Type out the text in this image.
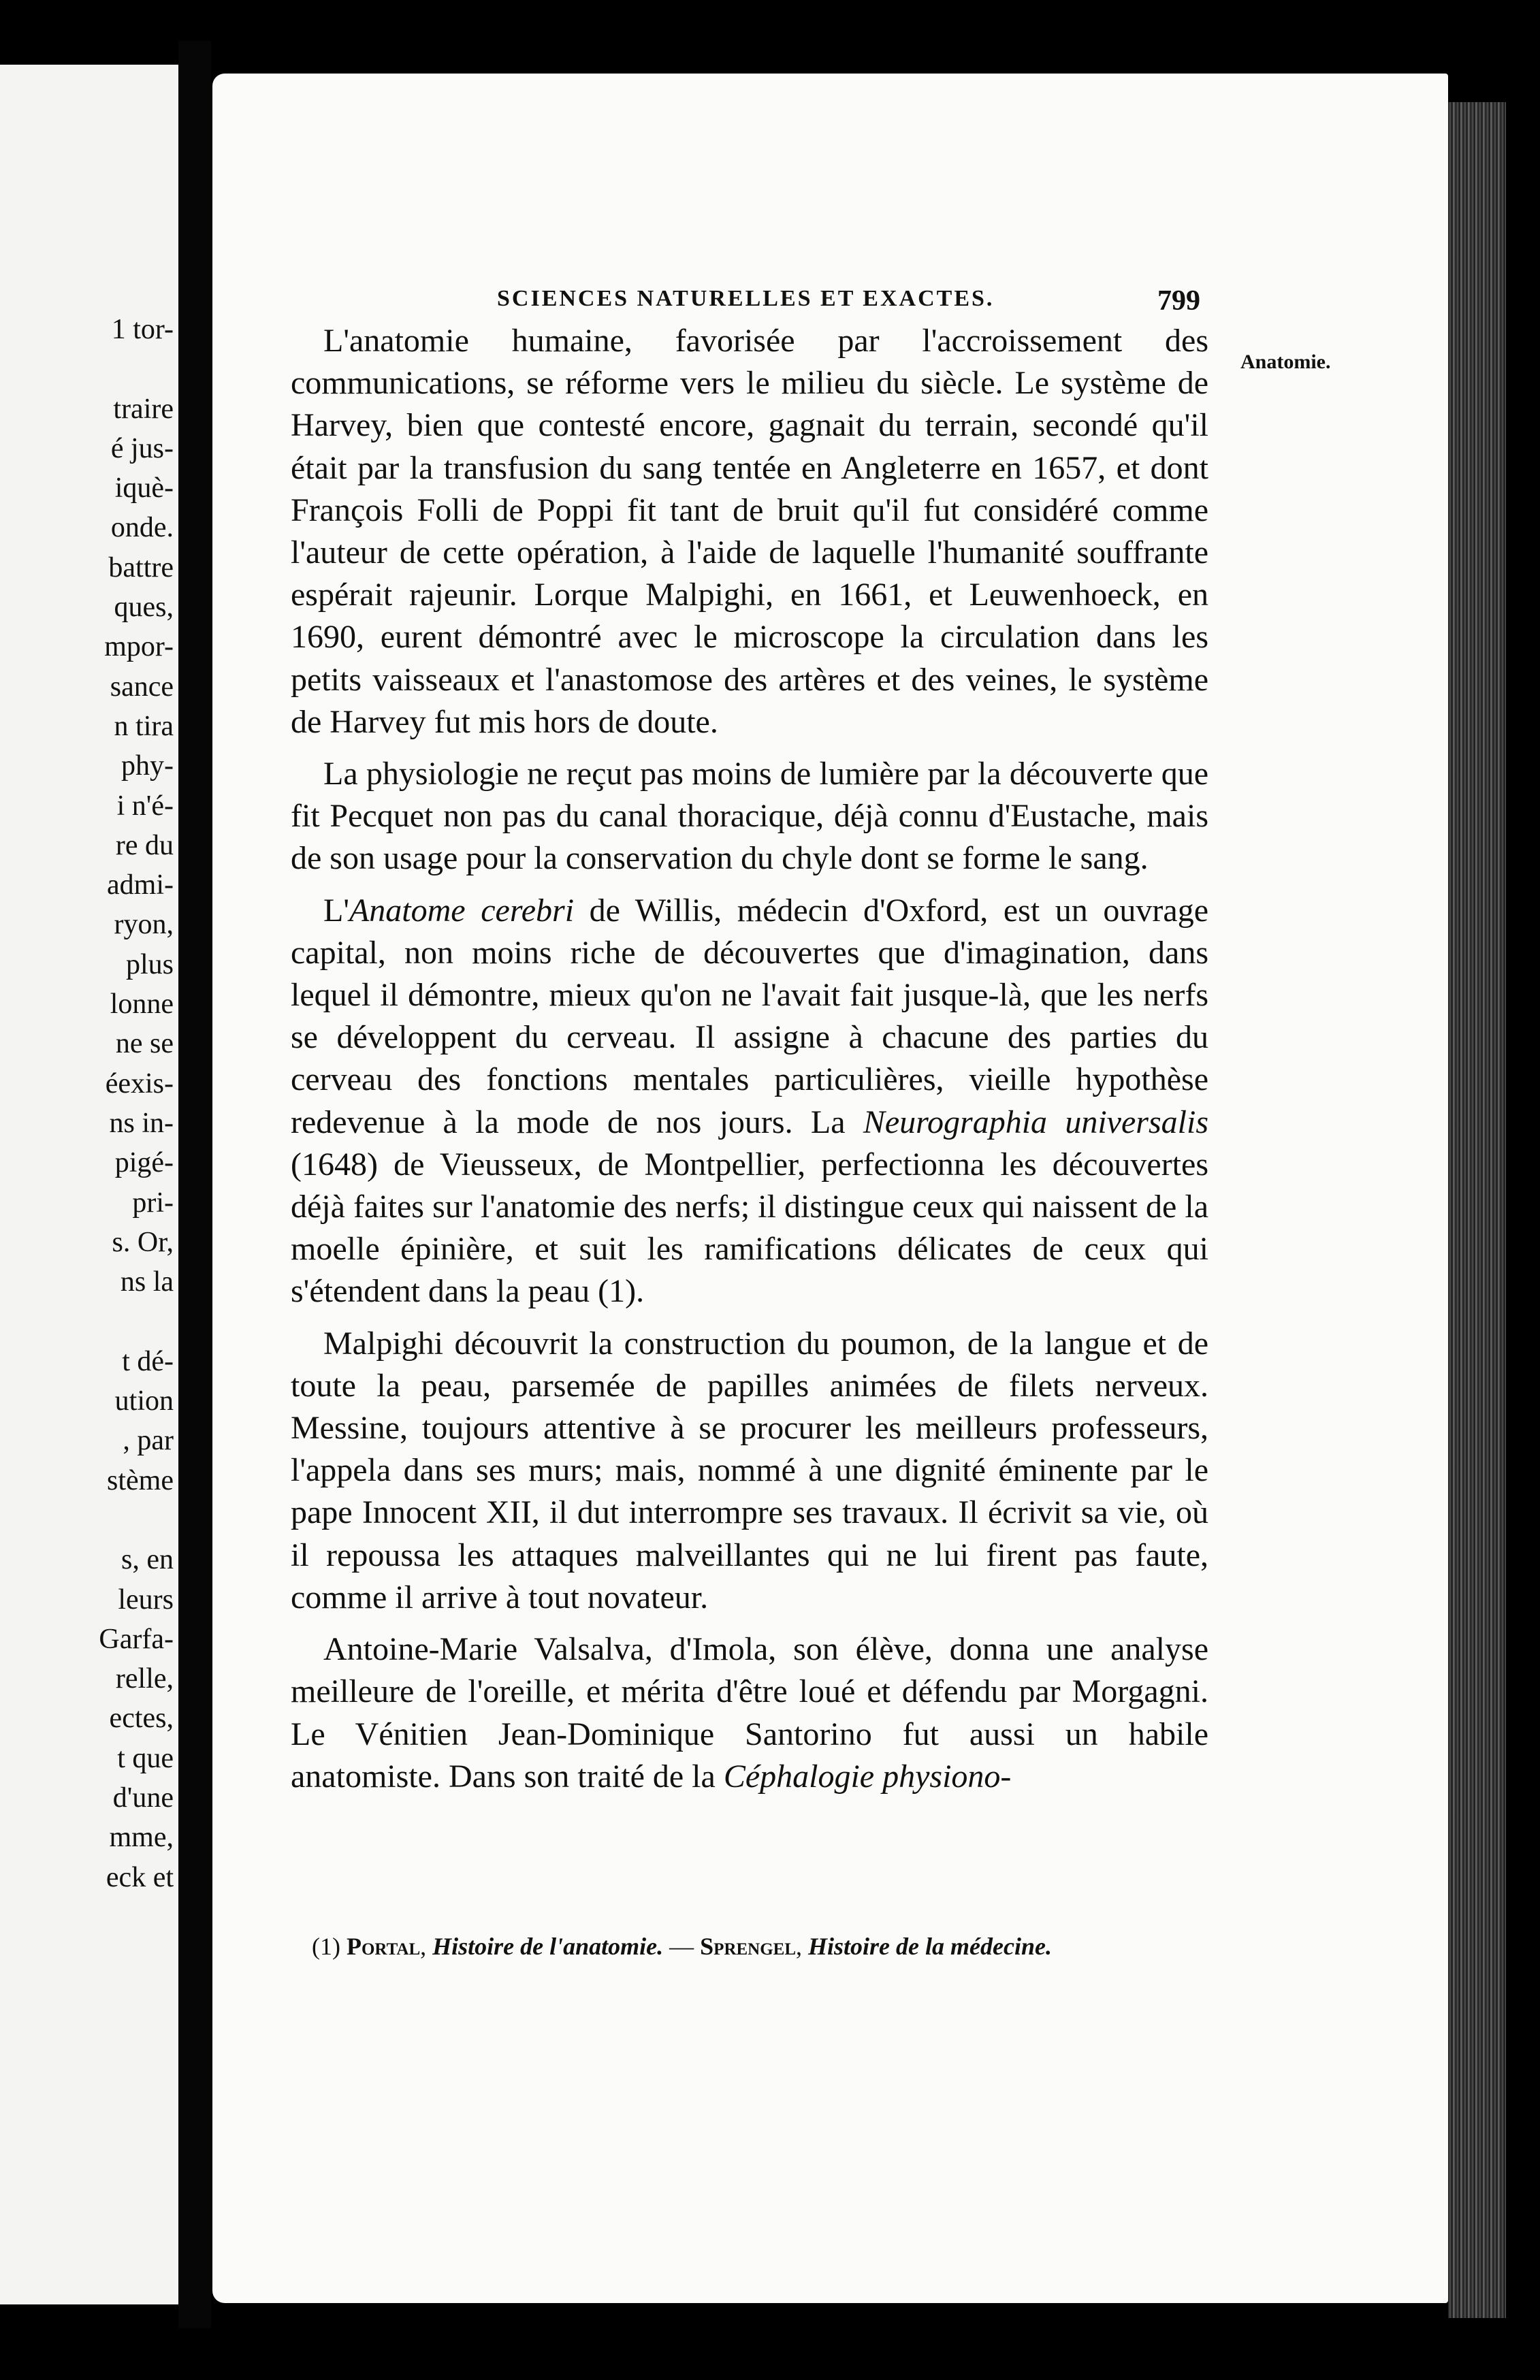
1 tor-

traire
é jus-
iquè-
onde.
battre
ques,
mpor-
sance
n tira
phy-
i n'é-
re du
admi-
ryon,
plus
lonne
ne se
éexis-
ns in-
pigé-
pri-
s. Or,
ns la

t dé-
ution
, par
stème

s, en
leurs
Garfa-
relle,
ectes,
t que
d'une
mme,
eck et
SCIENCES NATURELLES ET EXACTES.	799
Anatomie.

L'anatomie humaine, favorisée par l'accroissement des communications, se réforme vers le milieu du siècle. Le système de Harvey, bien que contesté encore, gagnait du terrain, secondé qu'il était par la transfusion du sang tentée en Angleterre en 1657, et dont François Folli de Poppi fit tant de bruit qu'il fut considéré comme l'auteur de cette opération, à l'aide de laquelle l'humanité souffrante espérait rajeunir. Lorque Malpighi, en 1661, et Leuwenhoeck, en 1690, eurent démontré avec le microscope la circulation dans les petits vaisseaux et l'anastomose des artères et des veines, le système de Harvey fut mis hors de doute.

La physiologie ne reçut pas moins de lumière par la découverte que fit Pecquet non pas du canal thoracique, déjà connu d'Eustache, mais de son usage pour la conservation du chyle dont se forme le sang.

L'Anatome cerebri de Willis, médecin d'Oxford, est un ouvrage capital, non moins riche de découvertes que d'imagination, dans lequel il démontre, mieux qu'on ne l'avait fait jusque-là, que les nerfs se développent du cerveau. Il assigne à chacune des parties du cerveau des fonctions mentales particulières, vieille hypothèse redevenue à la mode de nos jours. La Neurographia universalis (1648) de Vieusseux, de Montpellier, perfectionna les découvertes déjà faites sur l'anatomie des nerfs; il distingue ceux qui naissent de la moelle épinière, et suit les ramifications délicates de ceux qui s'étendent dans la peau (1).

Malpighi découvrit la construction du poumon, de la langue et de toute la peau, parsemée de papilles animées de filets nerveux. Messine, toujours attentive à se procurer les meilleurs professeurs, l'appela dans ses murs; mais, nommé à une dignité éminente par le pape Innocent XII, il dut interrompre ses travaux. Il écrivit sa vie, où il repoussa les attaques malveillantes qui ne lui firent pas faute, comme il arrive à tout novateur.

Antoine-Marie Valsalva, d'Imola, son élève, donna une analyse meilleure de l'oreille, et mérita d'être loué et défendu par Morgagni. Le Vénitien Jean-Dominique Santorino fut aussi un habile anatomiste. Dans son traité de la Céphalogie physiono-

(1) Portal, Histoire de l'anatomie. — Sprengel, Histoire de la médecine.
